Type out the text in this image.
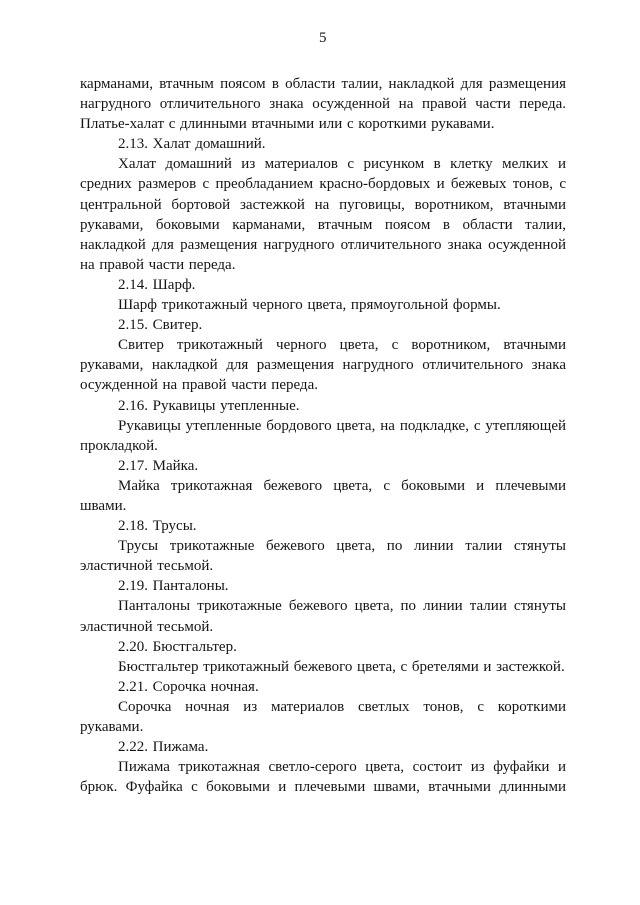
5

карманами, втачным поясом в области талии, накладкой для размещения нагрудного отличительного знака осужденной на правой части переда. Платье-халат с длинными втачными или с короткими рукавами.

2.13. Халат домашний.

Халат домашний из материалов с рисунком в клетку мелких и средних размеров с преобладанием красно-бордовых и бежевых тонов, с центральной бортовой застежкой на пуговицы, воротником, втачными рукавами, боковыми карманами, втачным поясом в области талии, накладкой для размещения нагрудного отличительного знака осужденной на правой части переда.

2.14. Шарф.

Шарф трикотажный черного цвета, прямоугольной формы.

2.15. Свитер.

Свитер трикотажный черного цвета, с воротником, втачными рукавами, накладкой для размещения нагрудного отличительного знака осужденной на правой части переда.

2.16. Рукавицы утепленные.

Рукавицы утепленные бордового цвета, на подкладке, с утепляющей прокладкой.

2.17. Майка.

Майка трикотажная бежевого цвета, с боковыми и плечевыми швами.

2.18. Трусы.

Трусы трикотажные бежевого цвета, по линии талии стянуты эластичной тесьмой.

2.19. Панталоны.

Панталоны трикотажные бежевого цвета, по линии талии стянуты эластичной тесьмой.

2.20. Бюстгальтер.

Бюстгальтер трикотажный бежевого цвета, с бретелями и застежкой.

2.21. Сорочка ночная.

Сорочка ночная из материалов светлых тонов, с короткими рукавами.

2.22. Пижама.

Пижама трикотажная светло-серого цвета, состоит из фуфайки и брюк. Фуфайка с боковыми и плечевыми швами, втачными длинными
